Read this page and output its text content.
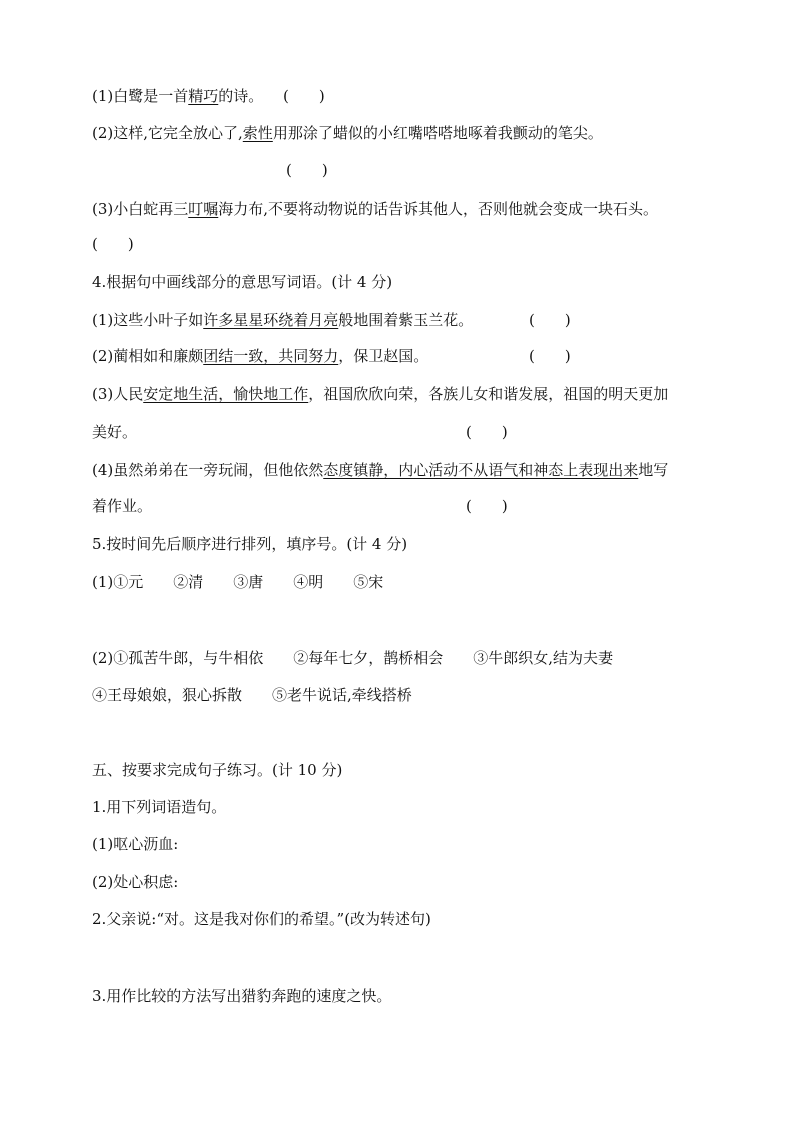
(1)白鹭是一首精巧的诗。 (　　)
(2)这样,它完全放心了,索性用那涂了蜡似的小红嘴嗒嗒地啄着我颤动的笔尖。
(　　)
(3)小白蛇再三叮嘱海力布,不要将动物说的话告诉其他人，否则他就会变成一块石头。
(　　)
4.根据句中画线部分的意思写词语。(计 4 分)
(1)这些小叶子如许多星星环绕着月亮般地围着紫玉兰花。	(　　)
(2)蔺相如和廉颇团结一致，共同努力，保卫赵国。	(　　)
(3)人民安定地生活，愉快地工作，祖国欣欣向荣，各族儿女和谐发展，祖国的明天更加
美好。	(　　)
(4)虽然弟弟在一旁玩闹，但他依然态度镇静，内心活动不从语气和神态上表现出来地写
着作业。	(　　)
5.按时间先后顺序进行排列，填序号。(计 4 分)
(1)①元　　②清　　③唐　　④明　　⑤宋
(2)①孤苦牛郎，与牛相依　　②每年七夕，鹊桥相会　　③牛郎织女,结为夫妻
④王母娘娘，狠心拆散　　⑤老牛说话,牵线搭桥
五、按要求完成句子练习。(计 10 分)
1.用下列词语造句。
(1)呕心沥血:
(2)处心积虑:
2.父亲说:“对。这是我对你们的希望。”(改为转述句)
3.用作比较的方法写出猎豹奔跑的速度之快。
